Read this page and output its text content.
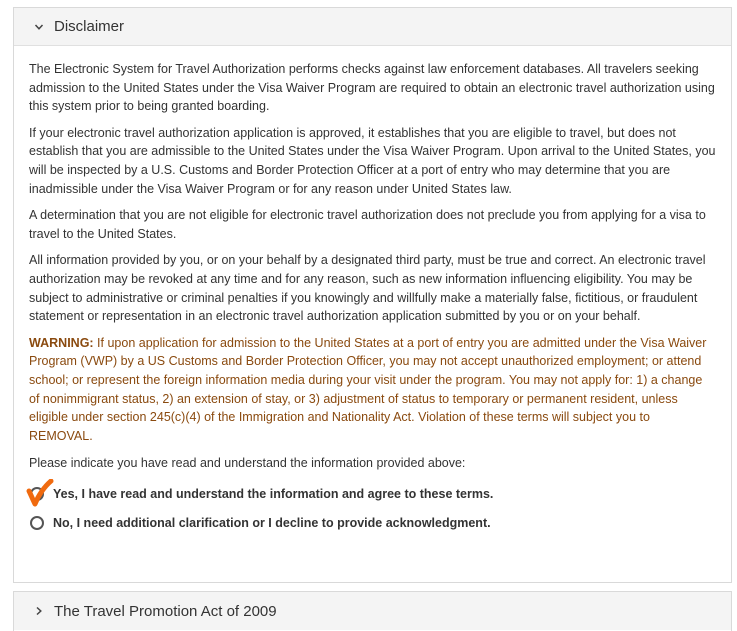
Disclaimer

The Electronic System for Travel Authorization performs checks against law enforcement databases. All travelers seeking admission to the United States under the Visa Waiver Program are required to obtain an electronic travel authorization using this system prior to being granted boarding.

If your electronic travel authorization application is approved, it establishes that you are eligible to travel, but does not establish that you are admissible to the United States under the Visa Waiver Program. Upon arrival to the United States, you will be inspected by a U.S. Customs and Border Protection Officer at a port of entry who may determine that you are inadmissible under the Visa Waiver Program or for any reason under United States law.

A determination that you are not eligible for electronic travel authorization does not preclude you from applying for a visa to travel to the United States.

All information provided by you, or on your behalf by a designated third party, must be true and correct. An electronic travel authorization may be revoked at any time and for any reason, such as new information influencing eligibility. You may be subject to administrative or criminal penalties if you knowingly and willfully make a materially false, fictitious, or fraudulent statement or representation in an electronic travel authorization application submitted by you or on your behalf.

WARNING: If upon application for admission to the United States at a port of entry you are admitted under the Visa Waiver Program (VWP) by a US Customs and Border Protection Officer, you may not accept unauthorized employment; or attend school; or represent the foreign information media during your visit under the program. You may not apply for: 1) a change of nonimmigrant status, 2) an extension of stay, or 3) adjustment of status to temporary or permanent resident, unless eligible under section 245(c)(4) of the Immigration and Nationality Act. Violation of these terms will subject you to REMOVAL.

Please indicate you have read and understand the information provided above:

Yes, I have read and understand the information and agree to these terms.
No, I need additional clarification or I decline to provide acknowledgment.
The Travel Promotion Act of 2009
